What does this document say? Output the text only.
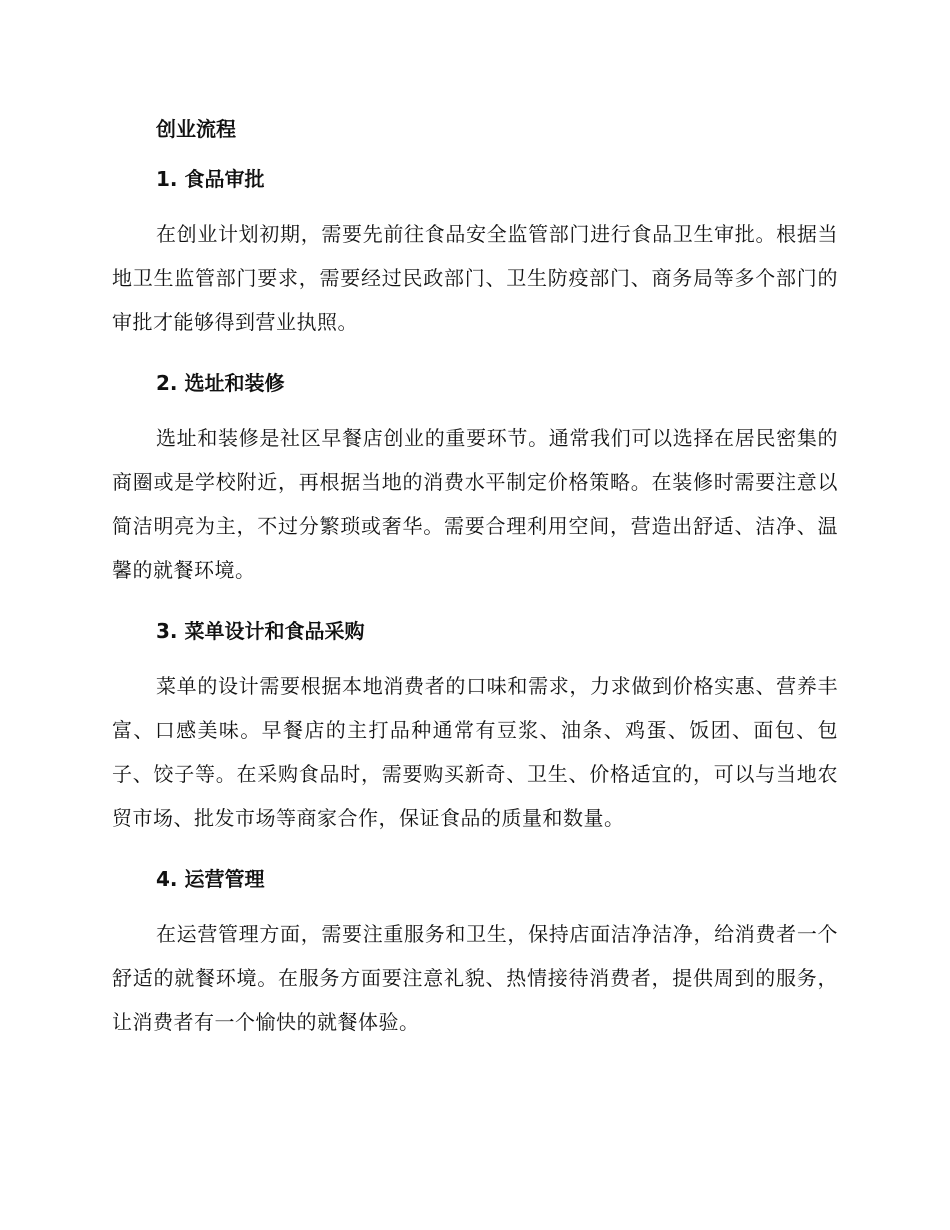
创业流程
1. 食品审批

在创业计划初期，需要先前往食品安全监管部门进行食品卫生审批。根据当地卫生监管部门要求，需要经过民政部门、卫生防疫部门、商务局等多个部门的审批才能够得到营业执照。

2. 选址和装修

选址和装修是社区早餐店创业的重要环节。通常我们可以选择在居民密集的商圈或是学校附近，再根据当地的消费水平制定价格策略。在装修时需要注意以简洁明亮为主，不过分繁琐或奢华。需要合理利用空间，营造出舒适、洁净、温馨的就餐环境。

3. 菜单设计和食品采购

菜单的设计需要根据本地消费者的口味和需求，力求做到价格实惠、营养丰富、口感美味。早餐店的主打品种通常有豆浆、油条、鸡蛋、饭团、面包、包子、饺子等。在采购食品时，需要购买新奇、卫生、价格适宜的，可以与当地农贸市场、批发市场等商家合作，保证食品的质量和数量。

4. 运营管理

在运营管理方面，需要注重服务和卫生，保持店面洁净洁净，给消费者一个舒适的就餐环境。在服务方面要注意礼貌、热情接待消费者，提供周到的服务，让消费者有一个愉快的就餐体验。
